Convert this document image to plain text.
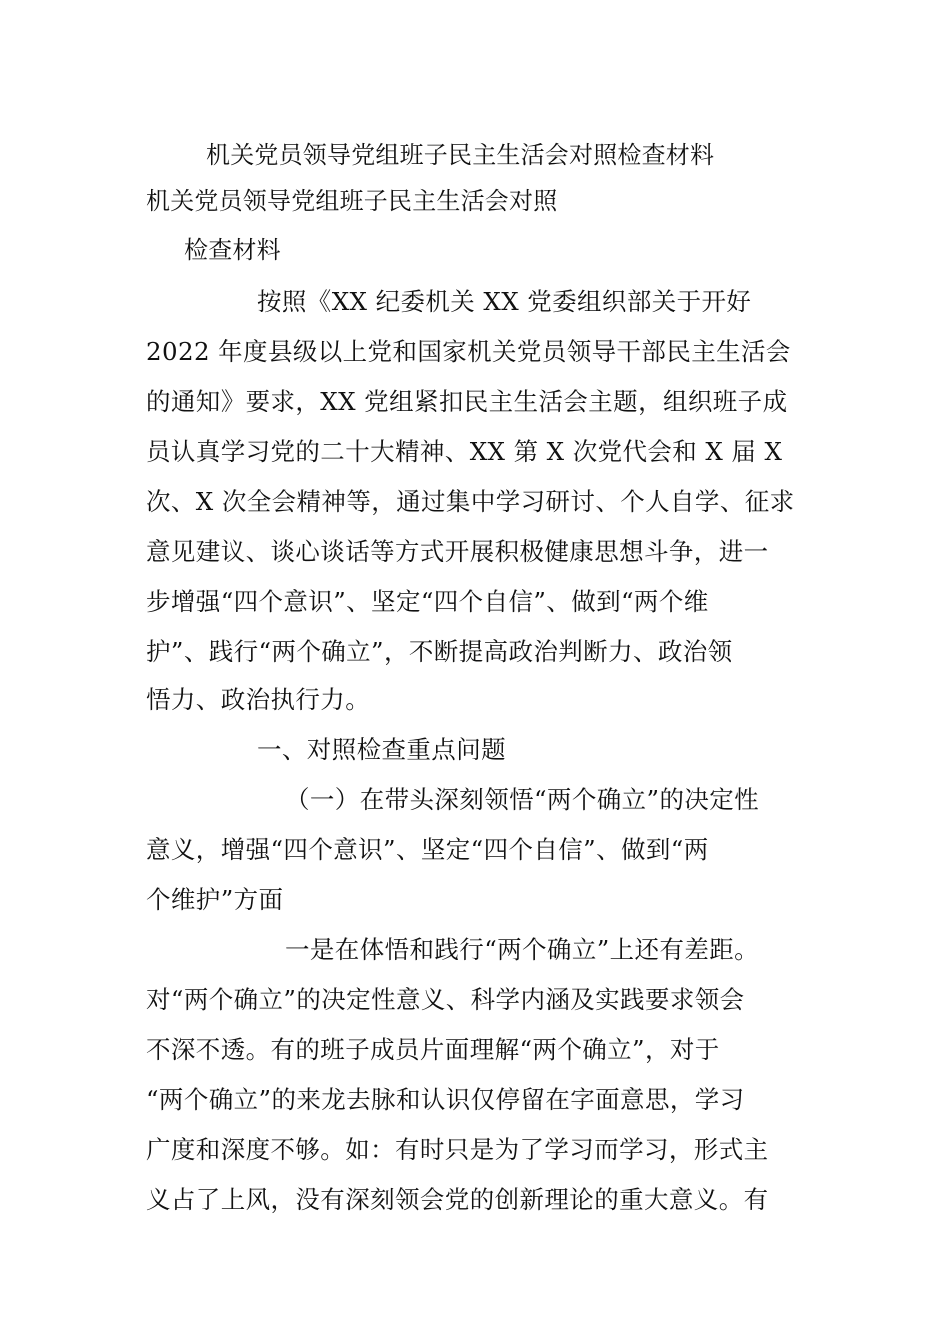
机关党员领导党组班子民主生活会对照检查材料
机关党员领导党组班子民主生活会对照
检查材料
按照《XX 纪委机关 XX 党委组织部关于开好
2022 年度县级以上党和国家机关党员领导干部民主生活会
的通知》要求，XX 党组紧扣民主生活会主题，组织班子成
员认真学习党的二十大精神、XX 第 X 次党代会和 X 届 X
次、X 次全会精神等，通过集中学习研讨、个人自学、征求
意见建议、谈心谈话等方式开展积极健康思想斗争，进一
步增强“四个意识”、坚定“四个自信”、做到“两个维
护”、践行“两个确立”，不断提高政治判断力、政治领
悟力、政治执行力。
一、对照检查重点问题
（一）在带头深刻领悟“两个确立”的决定性
意义，增强“四个意识”、坚定“四个自信”、做到“两
个维护”方面
一是在体悟和践行“两个确立”上还有差距。
对“两个确立”的决定性意义、科学内涵及实践要求领会
不深不透。有的班子成员片面理解“两个确立”，对于
“两个确立”的来龙去脉和认识仅停留在字面意思，学习
广度和深度不够。如：有时只是为了学习而学习，形式主
义占了上风，没有深刻领会党的创新理论的重大意义。有
